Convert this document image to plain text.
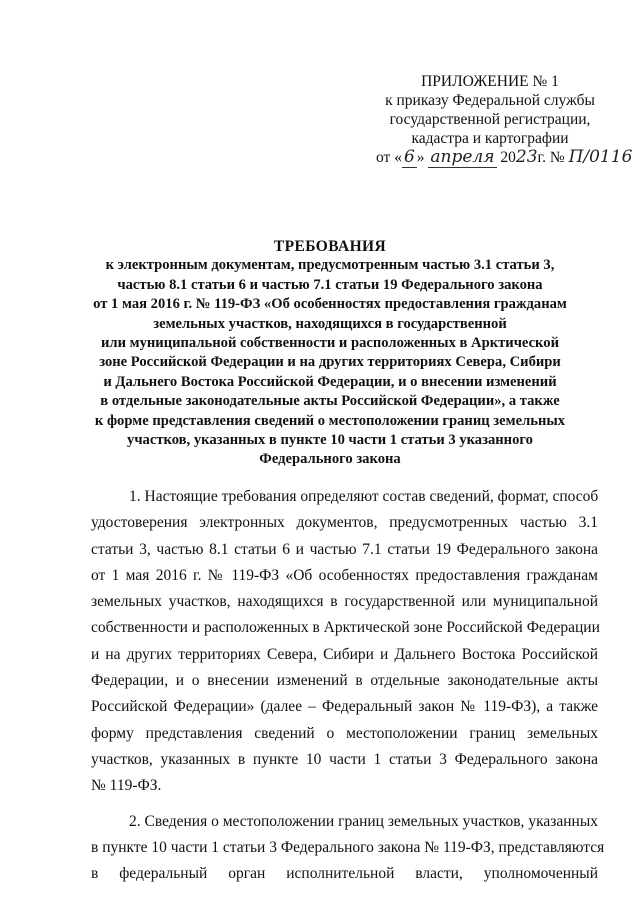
ПРИЛОЖЕНИЕ № 1
к приказу Федеральной службы
государственной регистрации,
кадастра и картографии
от « 6 » апреля 2023г. № П/0116
ТРЕБОВАНИЯ
к электронным документам, предусмотренным частью 3.1 статьи 3,
частью 8.1 статьи 6 и частью 7.1 статьи 19 Федерального закона
от 1 мая 2016 г. № 119-ФЗ «Об особенностях предоставления гражданам
земельных участков, находящихся в государственной
или муниципальной собственности и расположенных в Арктической
зоне Российской Федерации и на других территориях Севера, Сибири
и Дальнего Востока Российской Федерации, и о внесении изменений
в отдельные законодательные акты Российской Федерации», а также
к форме представления сведений о местоположении границ земельных
участков, указанных в пункте 10 части 1 статьи 3 указанного
Федерального закона
1. Настоящие требования определяют состав сведений, формат, способ
удостоверения электронных документов, предусмотренных частью 3.1
статьи 3, частью 8.1 статьи 6 и частью 7.1 статьи 19 Федерального закона
от 1 мая 2016 г. № 119-ФЗ «Об особенностях предоставления гражданам
земельных участков, находящихся в государственной или муниципальной
собственности и расположенных в Арктической зоне Российской Федерации
и на других территориях Севера, Сибири и Дальнего Востока Российской
Федерации, и о внесении изменений в отдельные законодательные акты
Российской Федерации» (далее – Федеральный закон № 119-ФЗ), а также
форму представления сведений о местоположении границ земельных
участков, указанных в пункте 10 части 1 статьи 3 Федерального закона
№ 119-ФЗ.
2. Сведения о местоположении границ земельных участков, указанных
в пункте 10 части 1 статьи 3 Федерального закона № 119-ФЗ, представляются
в федеральный орган исполнительной власти, уполномоченный
